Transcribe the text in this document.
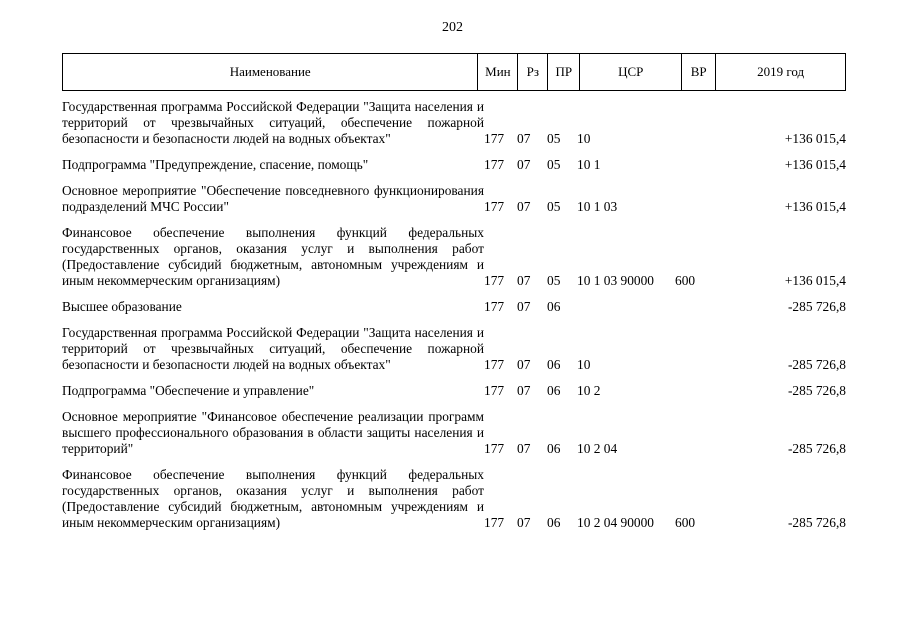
202
Наименование	Мин	Рз	ПР	ЦСР	ВР	2019 год
Государственная программа Российской Федерации "Защита населения и территорий от чрезвычайных ситуаций, обеспечение пожарной безопасности и безопасности людей на водных объектах"	177	07	05	10		+136 015,4
Подпрограмма "Предупреждение, спасение, помощь"	177	07	05	10 1		+136 015,4
Основное мероприятие "Обеспечение повседневного функционирования подразделений МЧС России"	177	07	05	10 1 03		+136 015,4
Финансовое обеспечение выполнения функций федеральных государственных органов, оказания услуг и выполнения работ (Предоставление субсидий бюджетным, автономным учреждениям и иным некоммерческим организациям)	177	07	05	10 1 03 90000	600	+136 015,4
Высшее образование	177	07	06			-285 726,8
Государственная программа Российской Федерации "Защита населения и территорий от чрезвычайных ситуаций, обеспечение пожарной безопасности и безопасности людей на водных объектах"	177	07	06	10		-285 726,8
Подпрограмма "Обеспечение и управление"	177	07	06	10 2		-285 726,8
Основное мероприятие "Финансовое обеспечение реализации программ высшего профессионального образования в области защиты населения и территорий"	177	07	06	10 2 04		-285 726,8
Финансовое обеспечение выполнения функций федеральных государственных органов, оказания услуг и выполнения работ (Предоставление субсидий бюджетным, автономным учреждениям и иным некоммерческим организациям)	177	07	06	10 2 04 90000	600	-285 726,8
